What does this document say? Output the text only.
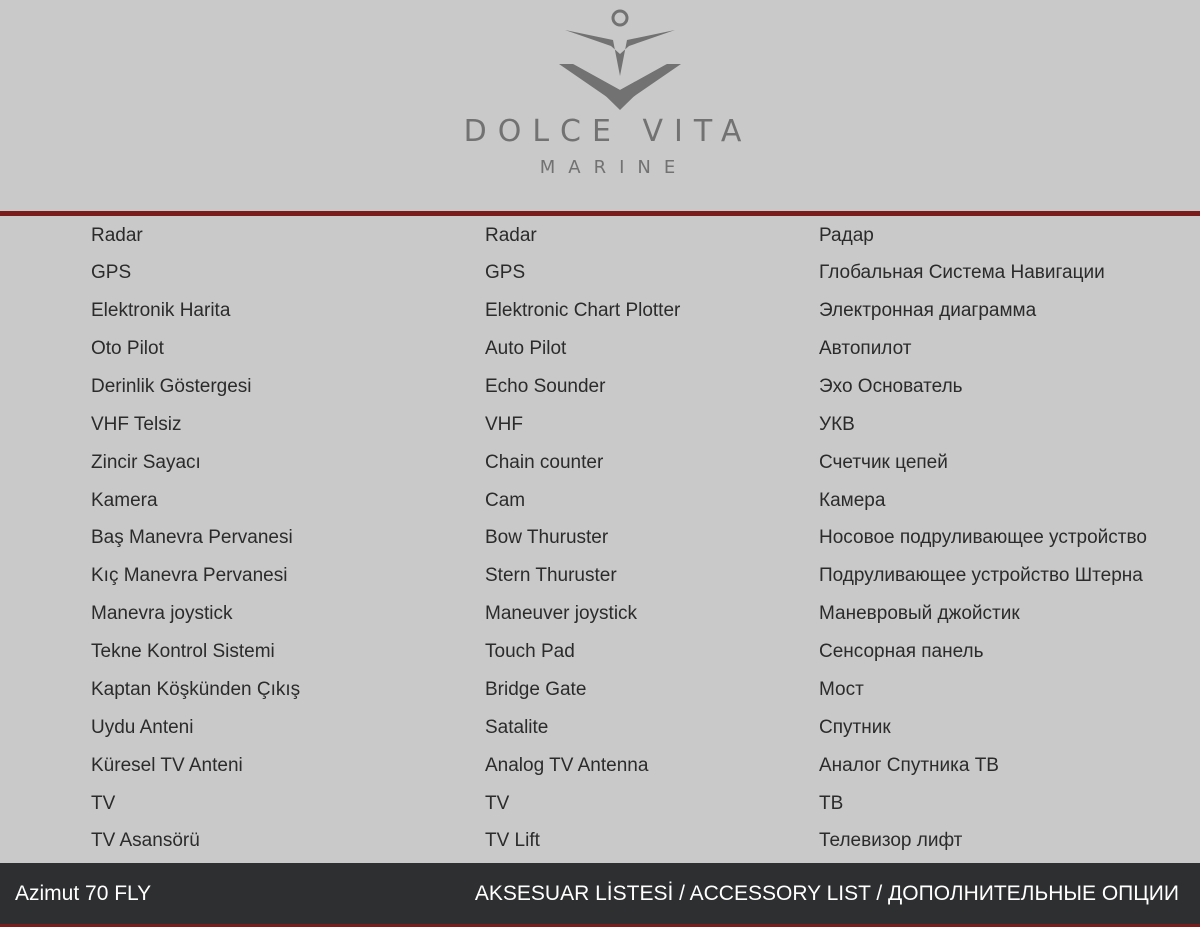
DOLCE VITA
MARINE
Radar	Radar	Радар
GPS	GPS	Глобальная Система Навигации
Elektronik Harita	Elektronic Chart Plotter	Электронная диаграмма
Oto Pilot	Auto Pilot	Автопилот
Derinlik Göstergesi	Echo Sounder	Эхо Основатель
VHF Telsiz	VHF	УКВ
Zincir Sayacı	Chain counter	Счетчик цепей
Kamera	Cam	Камера
Baş Manevra Pervanesi	Bow Thuruster	Носовое подруливающее устройство
Kıç Manevra Pervanesi	Stern Thuruster	Подруливающее устройство Штерна
Manevra joystick	Maneuver joystick	Маневровый джойстик
Tekne Kontrol Sistemi	Touch Pad	Сенсорная панель
Kaptan Köşkünden Çıkış	Bridge Gate	Мост
Uydu Anteni	Satalite	Спутник
Küresel TV Anteni	Analog TV Antenna	Аналог Спутника ТВ
TV	TV	ТВ
TV Asansörü	TV Lift	Телевизор лифт
Azimut 70 FLY	AKSESUAR LİSTESİ / ACCESSORY LIST / ДОПОЛНИТЕЛЬНЫЕ ОПЦИИ
